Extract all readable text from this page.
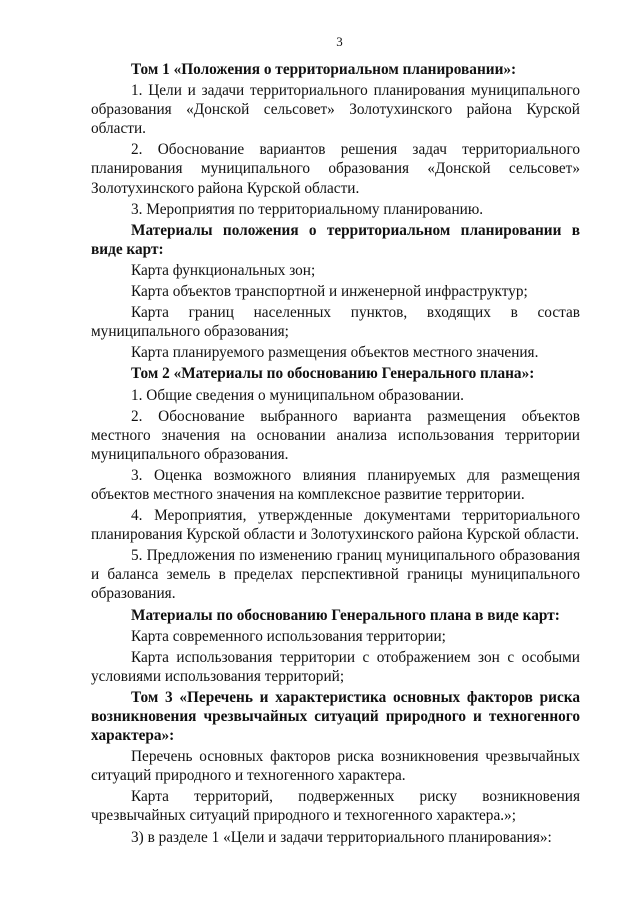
3

Том 1 «Положения о территориальном планировании»:

1. Цели и задачи территориального планирования муниципального образования «Донской сельсовет» Золотухинского района Курской области.

2. Обоснование вариантов решения задач территориального планирования муниципального образования «Донской сельсовет» Золотухинского района Курской области.

3. Мероприятия по территориальному планированию.

Материалы положения о территориальном планировании в виде карт:

Карта функциональных зон;

Карта объектов транспортной и инженерной инфраструктур;

Карта границ населенных пунктов, входящих в состав муниципального образования;

Карта планируемого размещения объектов местного значения.

Том 2 «Материалы по обоснованию Генерального плана»:

1. Общие сведения о муниципальном образовании.

2. Обоснование выбранного варианта размещения объектов местного значения на основании анализа использования территории муниципального образования.

3. Оценка возможного влияния планируемых для размещения объектов местного значения на комплексное развитие территории.

4. Мероприятия, утвержденные документами территориального планирования Курской области и Золотухинского района Курской области.

5. Предложения по изменению границ муниципального образования и баланса земель в пределах перспективной границы муниципального образования.

Материалы по обоснованию Генерального плана в виде карт:

Карта современного использования территории;

Карта использования территории с отображением зон с особыми условиями использования территорий;

Том 3 «Перечень и характеристика основных факторов риска возникновения чрезвычайных ситуаций природного и техногенного характера»:

Перечень основных факторов риска возникновения чрезвычайных ситуаций природного и техногенного характера.

Карта территорий, подверженных риску возникновения чрезвычайных ситуаций природного и техногенного характера.»;

3) в разделе 1 «Цели и задачи территориального планирования»:
